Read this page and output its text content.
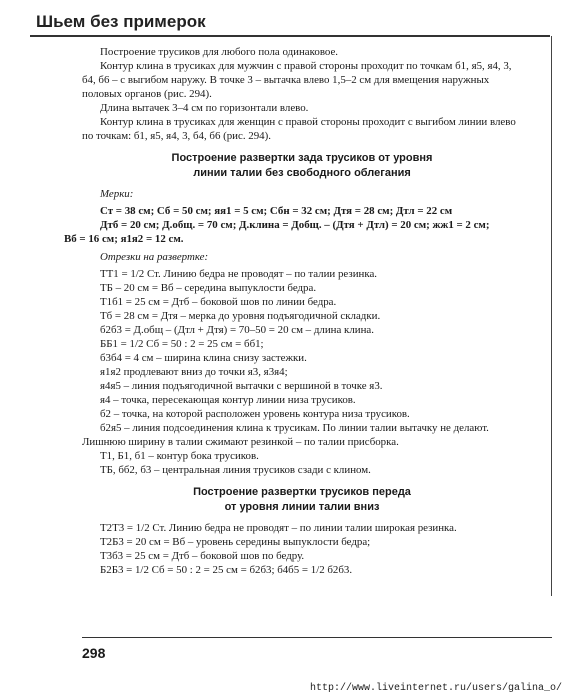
Шьем без примерок

Построение трусиков для любого пола одинаковое.

Контур клина в трусиках для мужчин с правой стороны проходит по точкам б1, я5, я4, 3, б4, б6 – с выгибом наружу. В точке 3 – вытачка влево 1,5–2 см для вмещения наружных половых органов (рис. 294).

Длина вытачек 3–4 см по горизонтали влево.

Контур клина в трусиках для женщин с правой стороны проходит с выгибом линии влево по точкам: б1, я5, я4, 3, б4, б6 (рис. 294).

Построение развертки зада трусиков от уровня
линии талии без свободного облегания

Мерки:

Ст = 38 см; Сб = 50 см; яя1 = 5 см; Сбн = 32 см; Дтя = 28 см; Дтл = 22 см

Дтб = 20 см; Д.общ. = 70 см; Д.клина = Добщ. – (Дтя + Дтл) = 20 см; жж1 = 2 см;

Вб = 16 см; я1я2 = 12 см.

Отрезки на развертке:

ТТ1 = 1/2 Ст. Линию бедра не проводят – по талии резинка.

ТБ – 20 см = Вб – середина выпуклости бедра.

Т1б1 = 25 см = Дтб – боковой шов по линии бедра.

Тб = 28 см = Дтя – мерка до уровня подъягодичной складки.

б2б3 = Д.общ – (Дтл + Дтя) = 70–50 = 20 см – длина клина.

ББ1 = 1/2 Сб = 50 : 2 = 25 см = бб1;

б3б4 = 4 см – ширина клина снизу застежки.

я1я2 продлевают вниз до точки я3, я3я4;

я4я5 – линия подъягодичной вытачки с вершиной в точке я3.

я4 – точка, пересекающая контур линии низа трусиков.

б2 – точка, на которой расположен уровень контура низа трусиков.

б2я5 – линия подсоединения клина к трусикам. По линии талии вытачку не делают.

Лишнюю ширину в талии сжимают резинкой – по талии присборка.

Т1, Б1, б1 – контур бока трусиков.

ТБ, бб2, б3 – центральная линия трусиков сзади с клином.

Построение развертки трусиков переда
от уровня линии талии вниз

Т2Т3 = 1/2 Ст. Линию бедра не проводят – по линии талии широкая резинка.

Т2Б3 = 20 см = Вб – уровень середины выпуклости бедра;

Т3б3 = 25 см = Дтб – боковой шов по бедру.

Б2Б3 = 1/2 Сб = 50 : 2 = 25 см = б2б3; б4б5 = 1/2 б2б3.

298
http://www.liveinternet.ru/users/galina_o/
